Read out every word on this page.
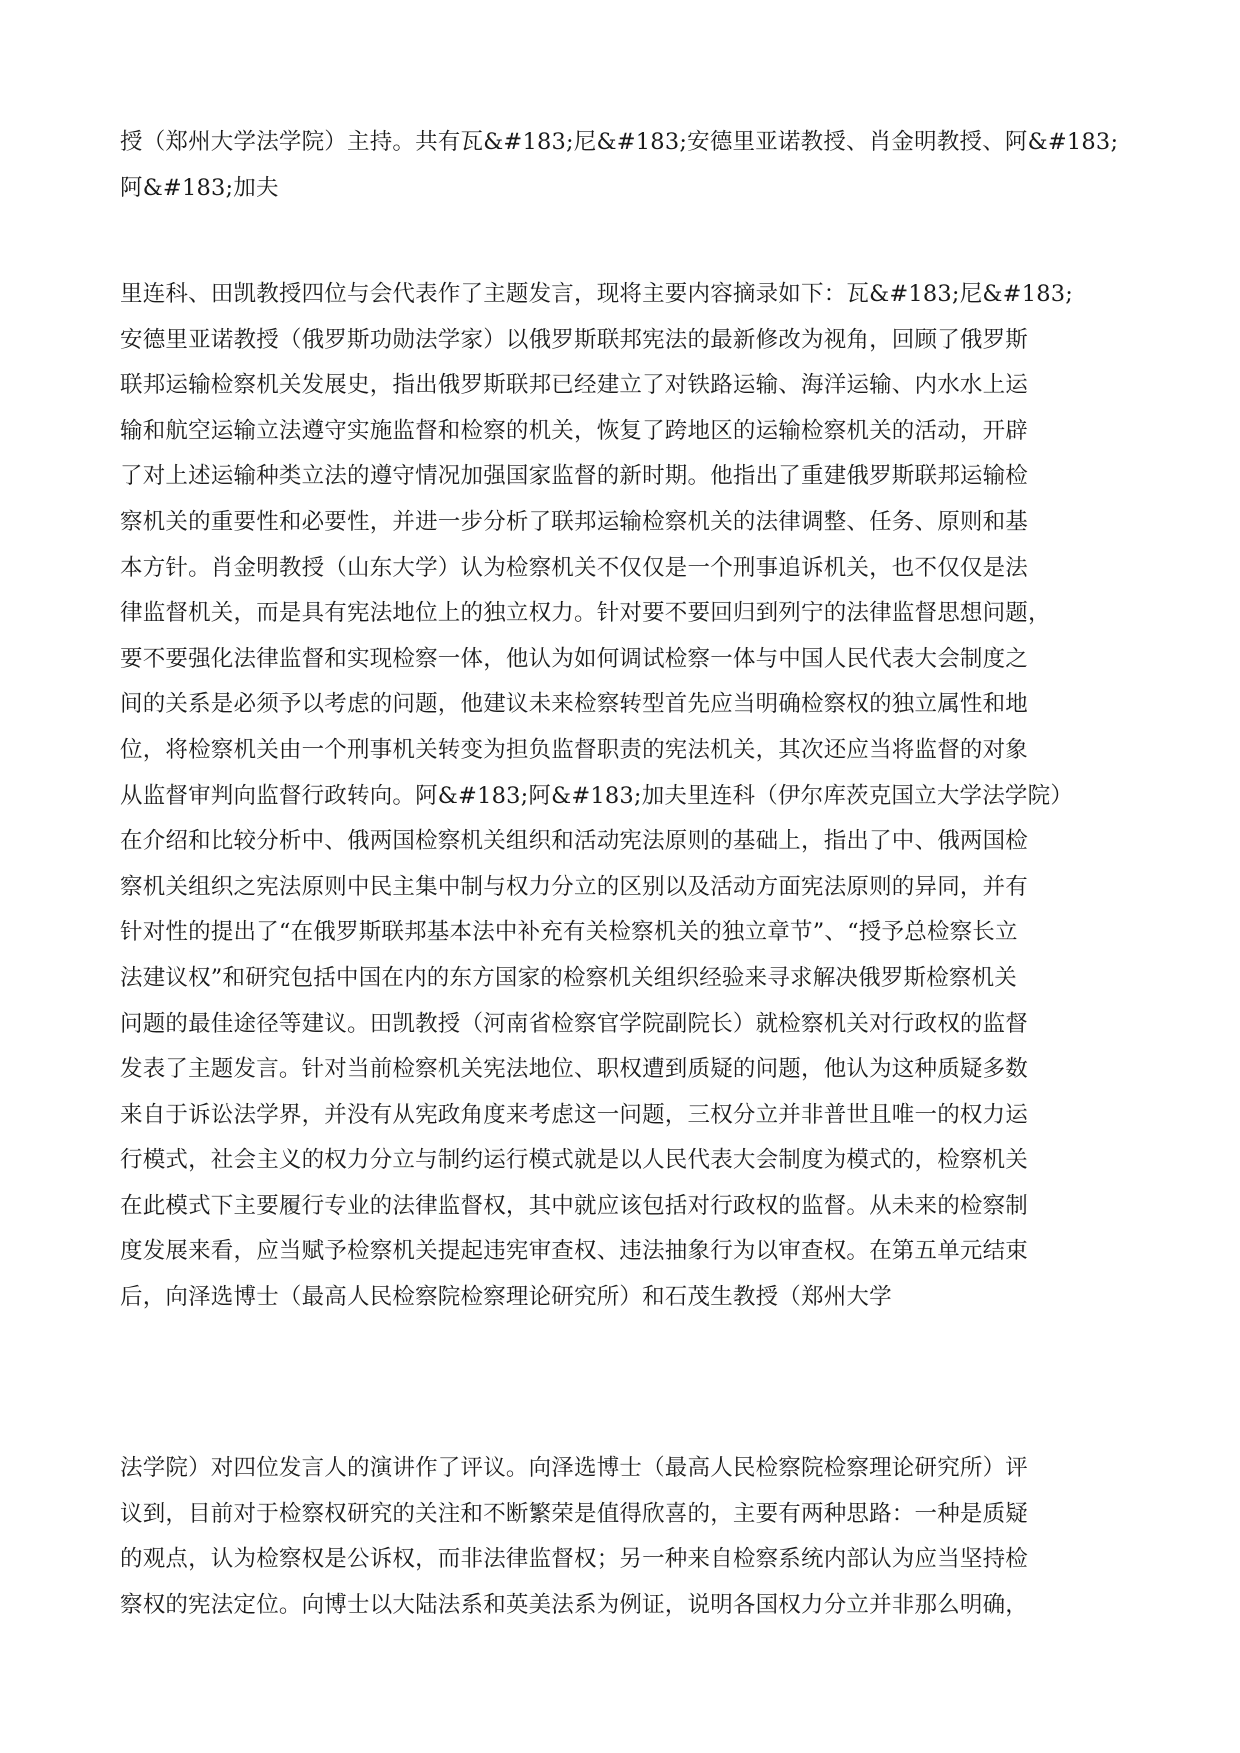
授（郑州大学法学院）主持。共有瓦&#183;尼&#183;安德里亚诺教授、肖金明教授、阿&#183;
阿&#183;加夫
里连科、田凯教授四位与会代表作了主题发言，现将主要内容摘录如下：瓦&#183;尼&#183;
安德里亚诺教授（俄罗斯功勋法学家）以俄罗斯联邦宪法的最新修改为视角，回顾了俄罗斯
联邦运输检察机关发展史，指出俄罗斯联邦已经建立了对铁路运输、海洋运输、内水水上运
输和航空运输立法遵守实施监督和检察的机关，恢复了跨地区的运输检察机关的活动，开辟
了对上述运输种类立法的遵守情况加强国家监督的新时期。他指出了重建俄罗斯联邦运输检
察机关的重要性和必要性，并进一步分析了联邦运输检察机关的法律调整、任务、原则和基
本方针。肖金明教授（山东大学）认为检察机关不仅仅是一个刑事追诉机关，也不仅仅是法
律监督机关，而是具有宪法地位上的独立权力。针对要不要回归到列宁的法律监督思想问题，
要不要强化法律监督和实现检察一体，他认为如何调试检察一体与中国人民代表大会制度之
间的关系是必须予以考虑的问题，他建议未来检察转型首先应当明确检察权的独立属性和地
位，将检察机关由一个刑事机关转变为担负监督职责的宪法机关，其次还应当将监督的对象
从监督审判向监督行政转向。阿&#183;阿&#183;加夫里连科（伊尔库茨克国立大学法学院）
在介绍和比较分析中、俄两国检察机关组织和活动宪法原则的基础上，指出了中、俄两国检
察机关组织之宪法原则中民主集中制与权力分立的区别以及活动方面宪法原则的异同，并有
针对性的提出了“在俄罗斯联邦基本法中补充有关检察机关的独立章节”、“授予总检察长立
法建议权”和研究包括中国在内的东方国家的检察机关组织经验来寻求解决俄罗斯检察机关
问题的最佳途径等建议。田凯教授（河南省检察官学院副院长）就检察机关对行政权的监督
发表了主题发言。针对当前检察机关宪法地位、职权遭到质疑的问题，他认为这种质疑多数
来自于诉讼法学界，并没有从宪政角度来考虑这一问题，三权分立并非普世且唯一的权力运
行模式，社会主义的权力分立与制约运行模式就是以人民代表大会制度为模式的，检察机关
在此模式下主要履行专业的法律监督权，其中就应该包括对行政权的监督。从未来的检察制
度发展来看，应当赋予检察机关提起违宪审查权、违法抽象行为以审查权。在第五单元结束
后，向泽选博士（最高人民检察院检察理论研究所）和石茂生教授（郑州大学
法学院）对四位发言人的演讲作了评议。向泽选博士（最高人民检察院检察理论研究所）评
议到，目前对于检察权研究的关注和不断繁荣是值得欣喜的，主要有两种思路：一种是质疑
的观点，认为检察权是公诉权，而非法律监督权；另一种来自检察系统内部认为应当坚持检
察权的宪法定位。向博士以大陆法系和英美法系为例证，说明各国权力分立并非那么明确，
